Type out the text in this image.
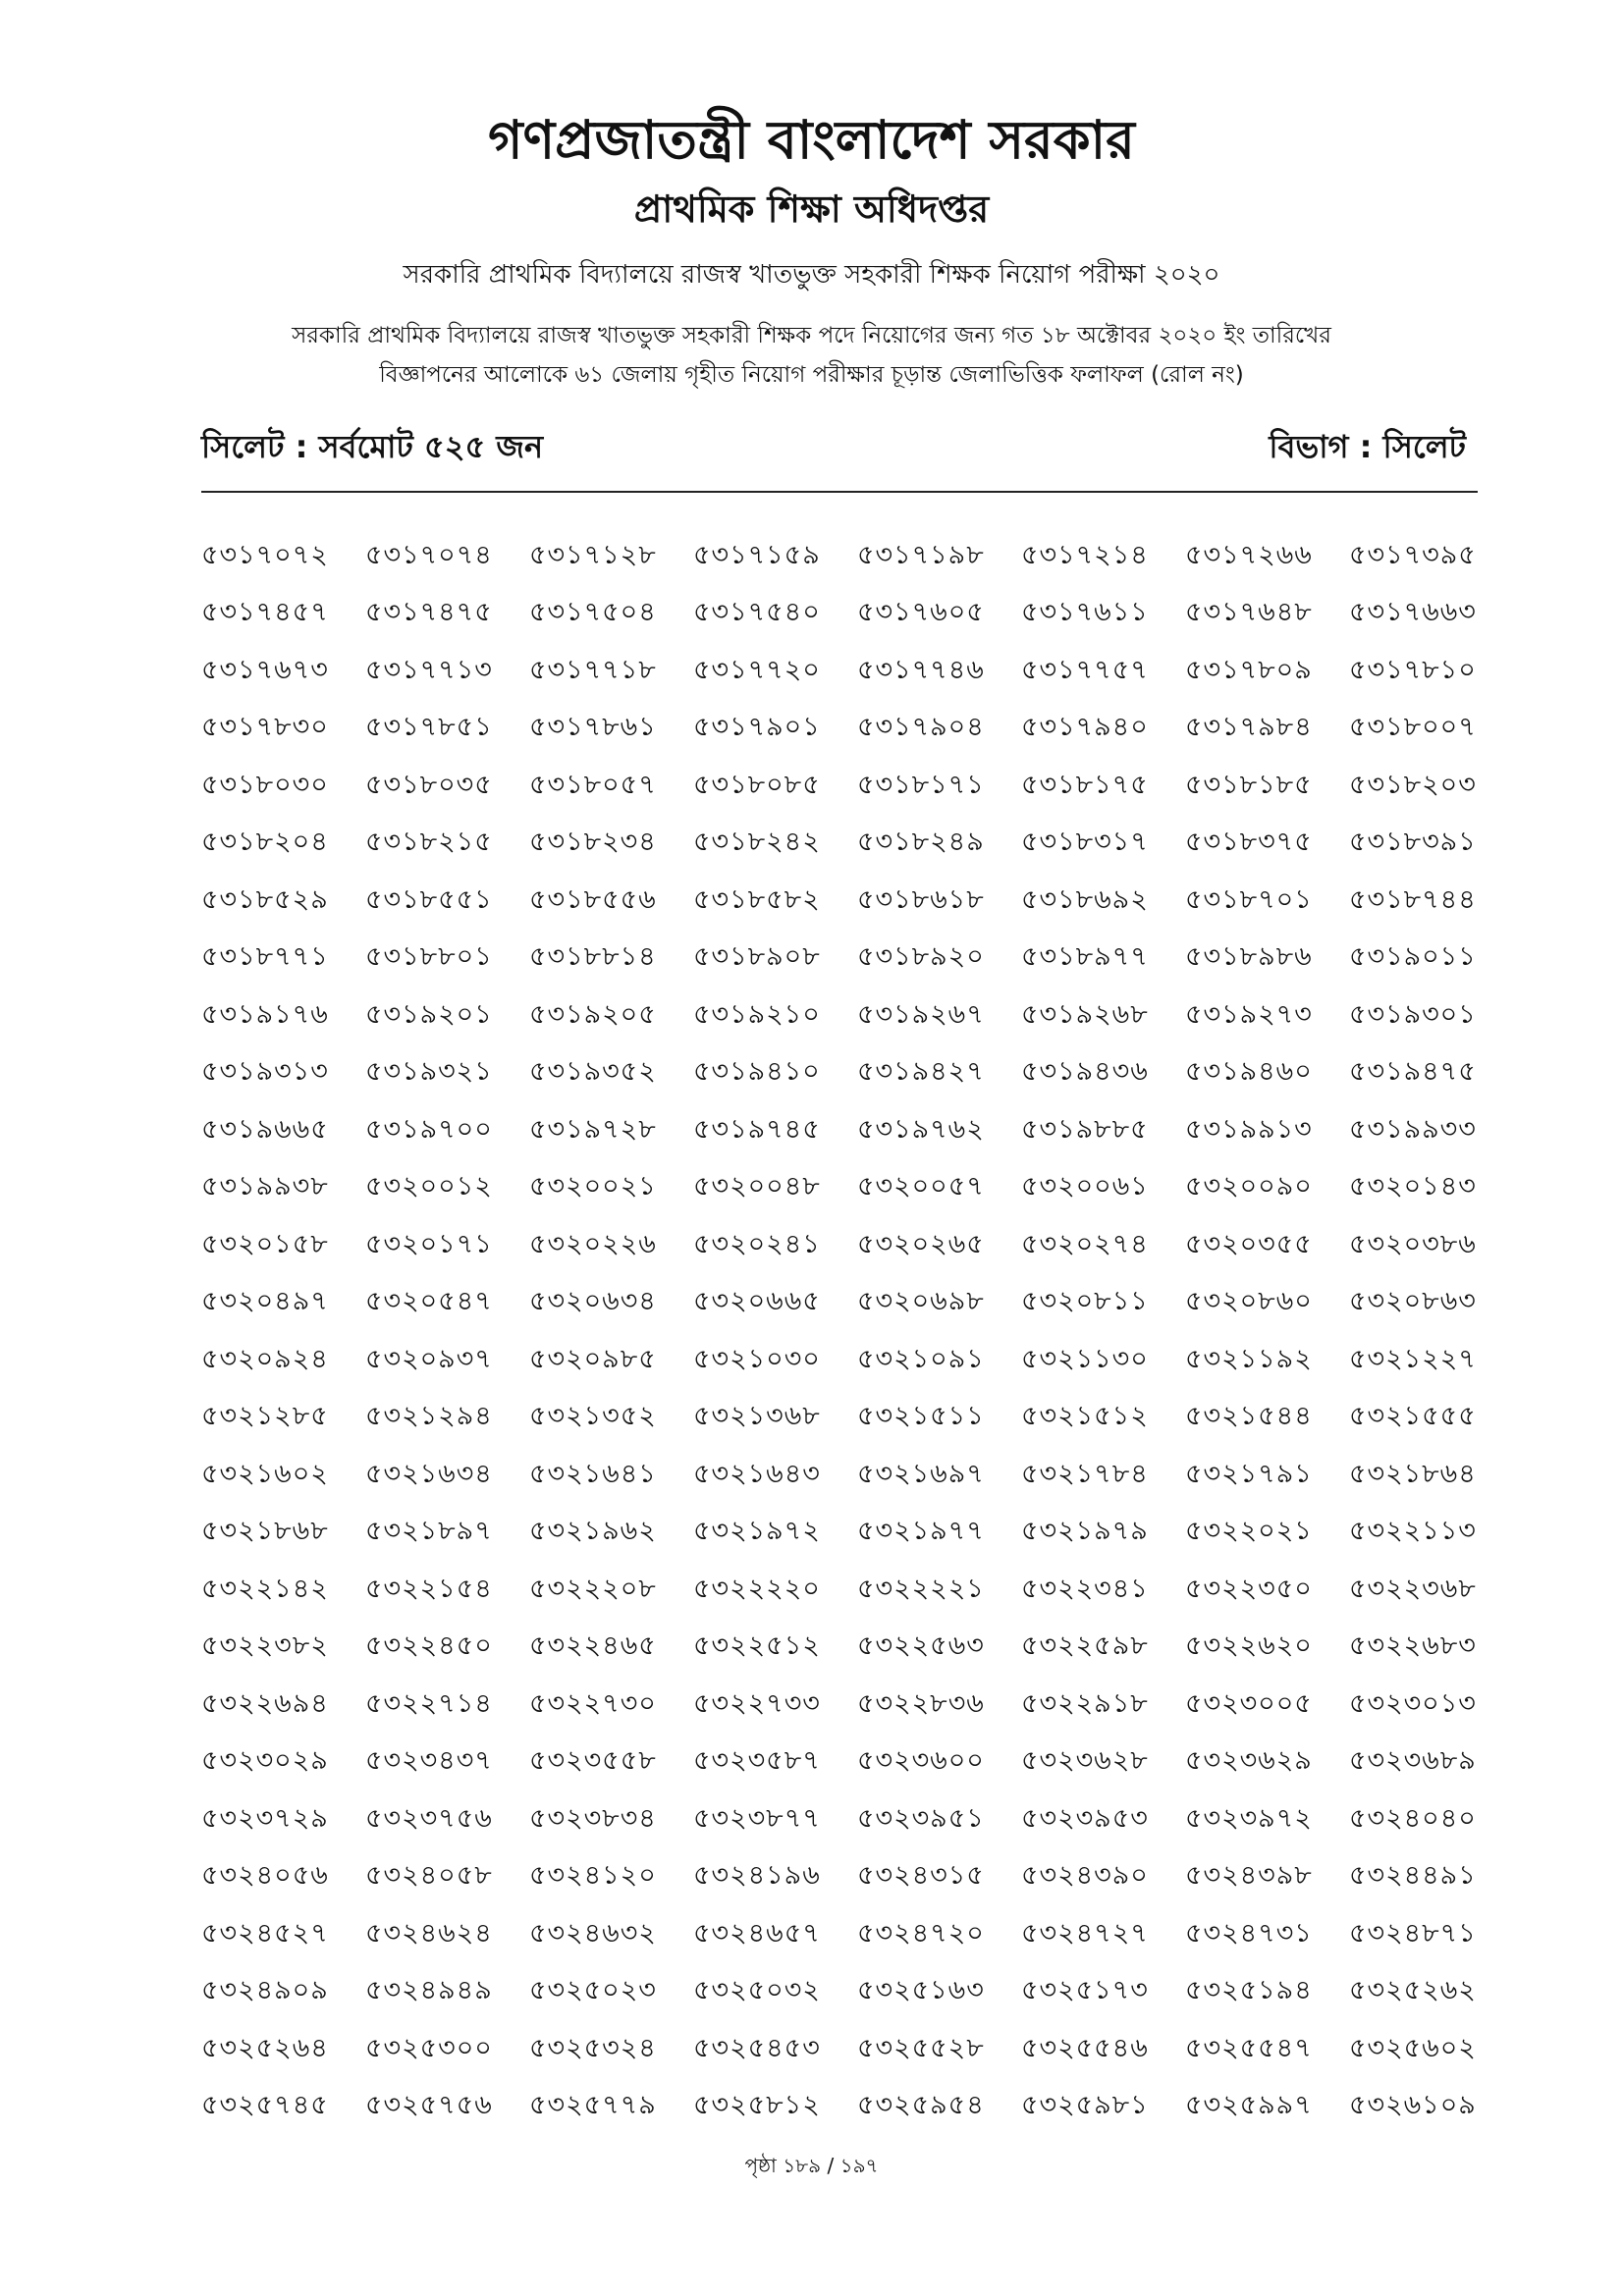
গণপ্রজাতন্ত্রী বাংলাদেশ সরকার
প্রাথমিক শিক্ষা অধিদপ্তর
সরকারি প্রাথমিক বিদ্যালয়ে রাজস্ব খাতভুক্ত সহকারী শিক্ষক নিয়োগ পরীক্ষা ২০২০
সরকারি প্রাথমিক বিদ্যালয়ে রাজস্ব খাতভুক্ত সহকারী শিক্ষক পদে নিয়োগের জন্য গত ১৮ অক্টোবর ২০২০ ইং তারিখের
বিজ্ঞাপনের আলোকে ৬১ জেলায় গৃহীত নিয়োগ পরীক্ষার চূড়ান্ত জেলাভিত্তিক ফলাফল (রোল নং)
সিলেট : সর্বমোট ৫২৫ জন	বিভাগ : সিলেট
৫৩১৭০৭২	৫৩১৭০৭৪	৫৩১৭১২৮	৫৩১৭১৫৯	৫৩১৭১৯৮	৫৩১৭২১৪	৫৩১৭২৬৬	৫৩১৭৩৯৫
৫৩১৭৪৫৭	৫৩১৭৪৭৫	৫৩১৭৫০৪	৫৩১৭৫৪০	৫৩১৭৬০৫	৫৩১৭৬১১	৫৩১৭৬৪৮	৫৩১৭৬৬৩
৫৩১৭৬৭৩	৫৩১৭৭১৩	৫৩১৭৭১৮	৫৩১৭৭২০	৫৩১৭৭৪৬	৫৩১৭৭৫৭	৫৩১৭৮০৯	৫৩১৭৮১০
৫৩১৭৮৩০	৫৩১৭৮৫১	৫৩১৭৮৬১	৫৩১৭৯০১	৫৩১৭৯০৪	৫৩১৭৯৪০	৫৩১৭৯৮৪	৫৩১৮০০৭
৫৩১৮০৩০	৫৩১৮০৩৫	৫৩১৮০৫৭	৫৩১৮০৮৫	৫৩১৮১৭১	৫৩১৮১৭৫	৫৩১৮১৮৫	৫৩১৮২০৩
৫৩১৮২০৪	৫৩১৮২১৫	৫৩১৮২৩৪	৫৩১৮২৪২	৫৩১৮২৪৯	৫৩১৮৩১৭	৫৩১৮৩৭৫	৫৩১৮৩৯১
৫৩১৮৫২৯	৫৩১৮৫৫১	৫৩১৮৫৫৬	৫৩১৮৫৮২	৫৩১৮৬১৮	৫৩১৮৬৯২	৫৩১৮৭০১	৫৩১৮৭৪৪
৫৩১৮৭৭১	৫৩১৮৮০১	৫৩১৮৮১৪	৫৩১৮৯০৮	৫৩১৮৯২০	৫৩১৮৯৭৭	৫৩১৮৯৮৬	৫৩১৯০১১
৫৩১৯১৭৬	৫৩১৯২০১	৫৩১৯২০৫	৫৩১৯২১০	৫৩১৯২৬৭	৫৩১৯২৬৮	৫৩১৯২৭৩	৫৩১৯৩০১
৫৩১৯৩১৩	৫৩১৯৩২১	৫৩১৯৩৫২	৫৩১৯৪১০	৫৩১৯৪২৭	৫৩১৯৪৩৬	৫৩১৯৪৬০	৫৩১৯৪৭৫
৫৩১৯৬৬৫	৫৩১৯৭০০	৫৩১৯৭২৮	৫৩১৯৭৪৫	৫৩১৯৭৬২	৫৩১৯৮৮৫	৫৩১৯৯১৩	৫৩১৯৯৩৩
৫৩১৯৯৩৮	৫৩২০০১২	৫৩২০০২১	৫৩২০০৪৮	৫৩২০০৫৭	৫৩২০০৬১	৫৩২০০৯০	৫৩২০১৪৩
৫৩২০১৫৮	৫৩২০১৭১	৫৩২০২২৬	৫৩২০২৪১	৫৩২০২৬৫	৫৩২০২৭৪	৫৩২০৩৫৫	৫৩২০৩৮৬
৫৩২০৪৯৭	৫৩২০৫৪৭	৫৩২০৬৩৪	৫৩২০৬৬৫	৫৩২০৬৯৮	৫৩২০৮১১	৫৩২০৮৬০	৫৩২০৮৬৩
৫৩২০৯২৪	৫৩২০৯৩৭	৫৩২০৯৮৫	৫৩২১০৩০	৫৩২১০৯১	৫৩২১১৩০	৫৩২১১৯২	৫৩২১২২৭
৫৩২১২৮৫	৫৩২১২৯৪	৫৩২১৩৫২	৫৩২১৩৬৮	৫৩২১৫১১	৫৩২১৫১২	৫৩২১৫৪৪	৫৩২১৫৫৫
৫৩২১৬০২	৫৩২১৬৩৪	৫৩২১৬৪১	৫৩২১৬৪৩	৫৩২১৬৯৭	৫৩২১৭৮৪	৫৩২১৭৯১	৫৩২১৮৬৪
৫৩২১৮৬৮	৫৩২১৮৯৭	৫৩২১৯৬২	৫৩২১৯৭২	৫৩২১৯৭৭	৫৩২১৯৭৯	৫৩২২০২১	৫৩২২১১৩
৫৩২২১৪২	৫৩২২১৫৪	৫৩২২২০৮	৫৩২২২২০	৫৩২২২২১	৫৩২২৩৪১	৫৩২২৩৫০	৫৩২২৩৬৮
৫৩২২৩৮২	৫৩২২৪৫০	৫৩২২৪৬৫	৫৩২২৫১২	৫৩২২৫৬৩	৫৩২২৫৯৮	৫৩২২৬২০	৫৩২২৬৮৩
৫৩২২৬৯৪	৫৩২২৭১৪	৫৩২২৭৩০	৫৩২২৭৩৩	৫৩২২৮৩৬	৫৩২২৯১৮	৫৩২৩০০৫	৫৩২৩০১৩
৫৩২৩০২৯	৫৩২৩৪৩৭	৫৩২৩৫৫৮	৫৩২৩৫৮৭	৫৩২৩৬০০	৫৩২৩৬২৮	৫৩২৩৬২৯	৫৩২৩৬৮৯
৫৩২৩৭২৯	৫৩২৩৭৫৬	৫৩২৩৮৩৪	৫৩২৩৮৭৭	৫৩২৩৯৫১	৫৩২৩৯৫৩	৫৩২৩৯৭২	৫৩২৪০৪০
৫৩২৪০৫৬	৫৩২৪০৫৮	৫৩২৪১২০	৫৩২৪১৯৬	৫৩২৪৩১৫	৫৩২৪৩৯০	৫৩২৪৩৯৮	৫৩২৪৪৯১
৫৩২৪৫২৭	৫৩২৪৬২৪	৫৩২৪৬৩২	৫৩২৪৬৫৭	৫৩২৪৭২০	৫৩২৪৭২৭	৫৩২৪৭৩১	৫৩২৪৮৭১
৫৩২৪৯০৯	৫৩২৪৯৪৯	৫৩২৫০২৩	৫৩২৫০৩২	৫৩২৫১৬৩	৫৩২৫১৭৩	৫৩২৫১৯৪	৫৩২৫২৬২
৫৩২৫২৬৪	৫৩২৫৩০০	৫৩২৫৩২৪	৫৩২৫৪৫৩	৫৩২৫৫২৮	৫৩২৫৫৪৬	৫৩২৫৫৪৭	৫৩২৫৬০২
৫৩২৫৭৪৫	৫৩২৫৭৫৬	৫৩২৫৭৭৯	৫৩২৫৮১২	৫৩২৫৯৫৪	৫৩২৫৯৮১	৫৩২৫৯৯৭	৫৩২৬১০৯
পৃষ্ঠা ১৮৯ / ১৯৭
